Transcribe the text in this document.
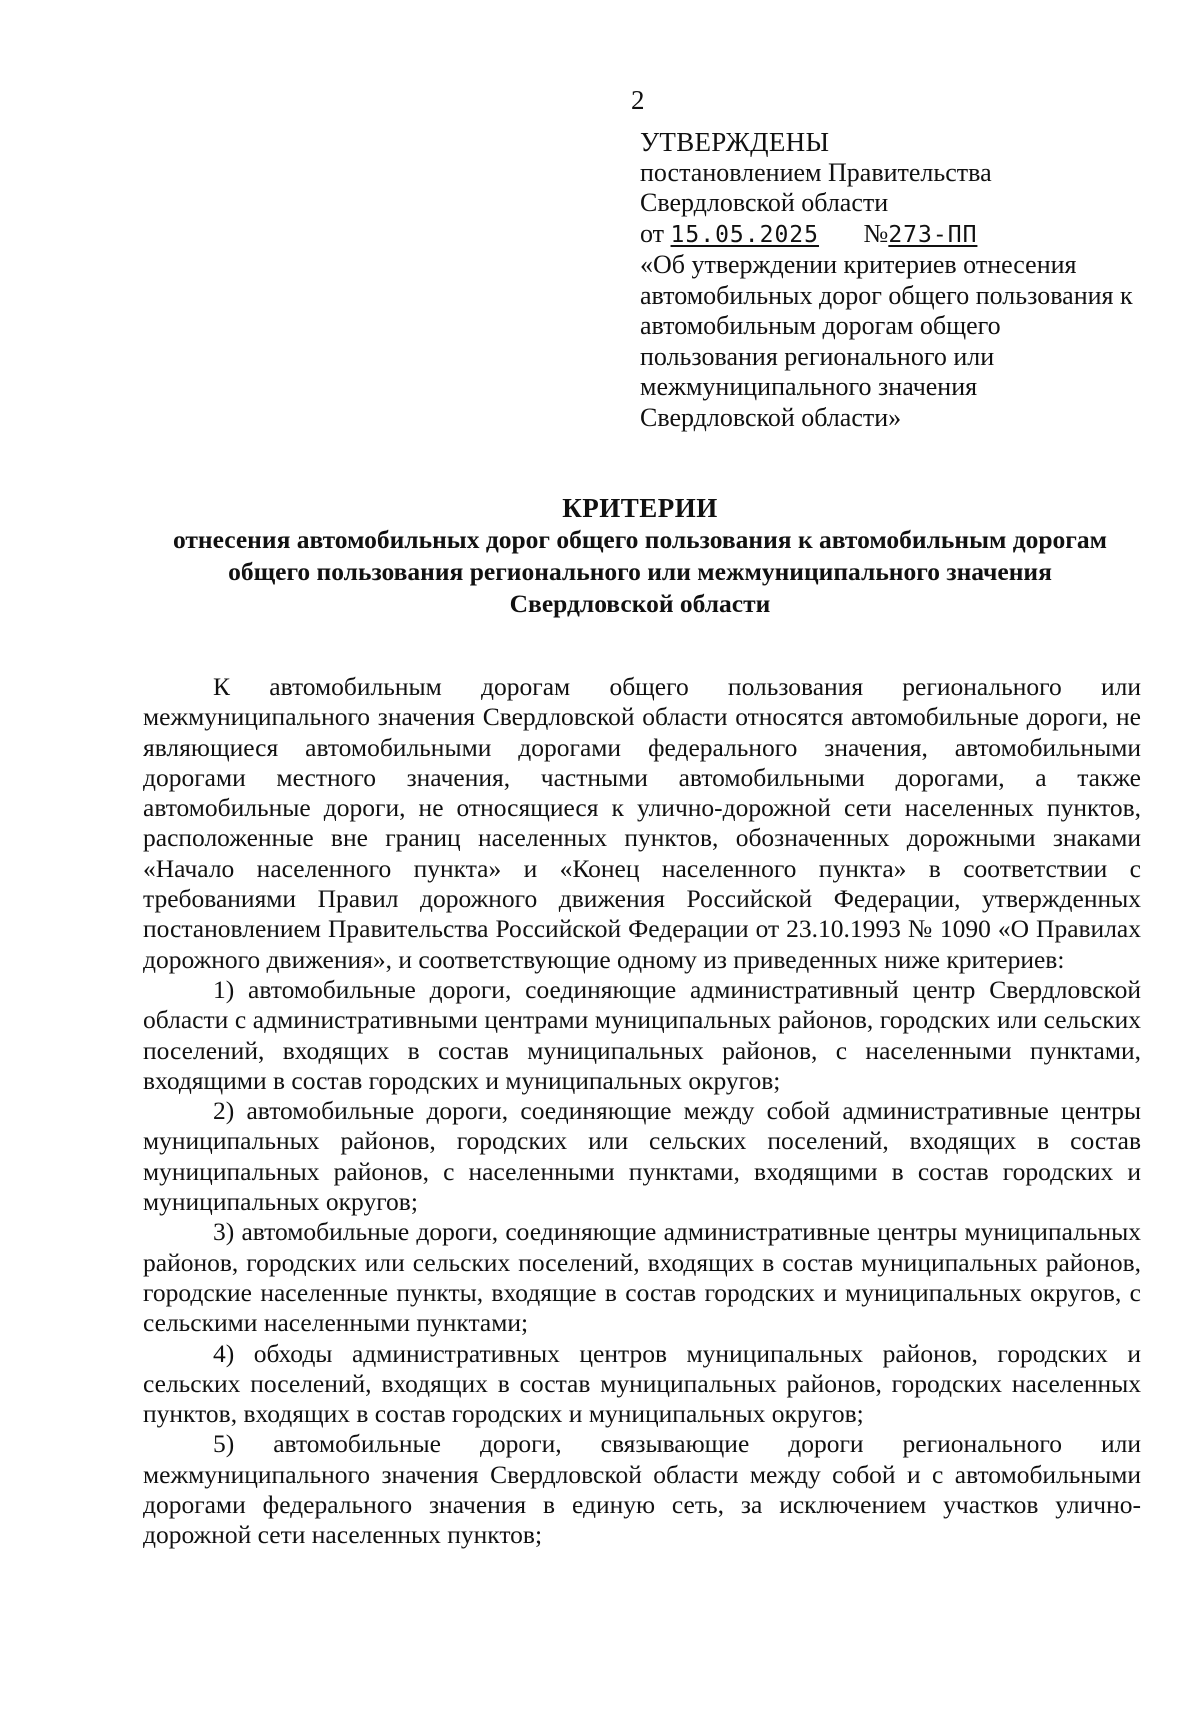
2
УТВЕРЖДЕНЫ
постановлением Правительства
Свердловской области
от 15.05.2025 №273-ПП
«Об утверждении критериев отнесения
автомобильных дорог общего пользования к
автомобильным дорогам общего
пользования регионального или
межмуниципального значения
Свердловской области»
КРИТЕРИИ
отнесения автомобильных дорог общего пользования к автомобильным дорогам
общего пользования регионального или межмуниципального значения
Свердловской области

К автомобильным дорогам общего пользования регионального или межмуниципального значения Свердловской области относятся автомобильные дороги, не являющиеся автомобильными дорогами федерального значения, автомобильными дорогами местного значения, частными автомобильными дорогами, а также автомобильные дороги, не относящиеся к улично-дорожной сети населенных пунктов, расположенные вне границ населенных пунктов, обозначенных дорожными знаками «Начало населенного пункта» и «Конец населенного пункта» в соответствии с требованиями Правил дорожного движения Российской Федерации, утвержденных постановлением Правительства Российской Федерации от 23.10.1993 № 1090 «О Правилах дорожного движения», и соответствующие одному из приведенных ниже критериев:

1) автомобильные дороги, соединяющие административный центр Свердловской области с административными центрами муниципальных районов, городских или сельских поселений, входящих в состав муниципальных районов, с населенными пунктами, входящими в состав городских и муниципальных округов;

2) автомобильные дороги, соединяющие между собой административные центры муниципальных районов, городских или сельских поселений, входящих в состав муниципальных районов, с населенными пунктами, входящими в состав городских и муниципальных округов;

3) автомобильные дороги, соединяющие административные центры муниципальных районов, городских или сельских поселений, входящих в состав муниципальных районов, городские населенные пункты, входящие в состав городских и муниципальных округов, с сельскими населенными пунктами;

4) обходы административных центров муниципальных районов, городских и сельских поселений, входящих в состав муниципальных районов, городских населенных пунктов, входящих в состав городских и муниципальных округов;

5) автомобильные дороги, связывающие дороги регионального или межмуниципального значения Свердловской области между собой и с автомобильными дорогами федерального значения в единую сеть, за исключением участков улично-дорожной сети населенных пунктов;
